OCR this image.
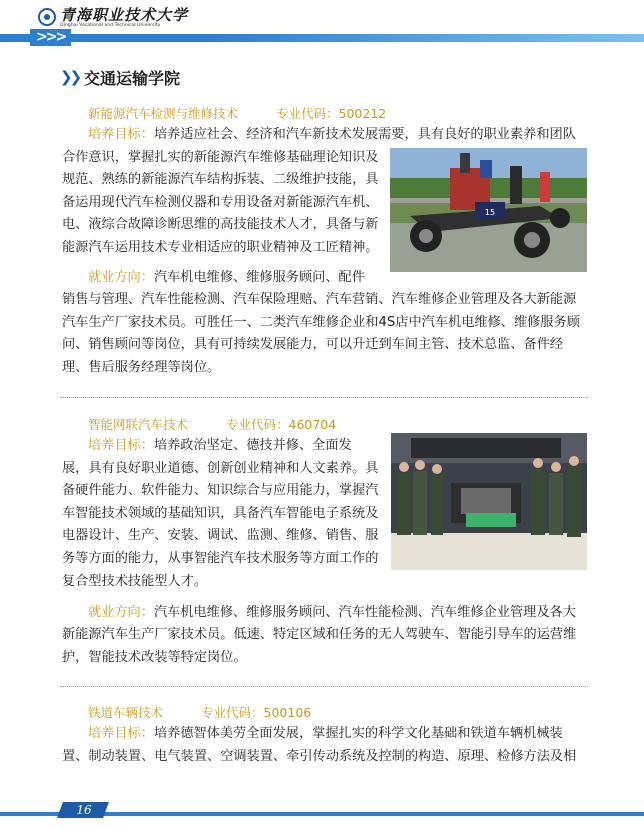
>>>
青海职业技术大学
Qinghai Vocational and Technical University
❯❯ 交通运输学院
新能源汽车检测与维修技术	专业代码：500212
培养目标：培养适应社会、经济和汽车新技术发展需要，具有良好的职业素养和团队
合作意识，掌握扎实的新能源汽车维修基础理论知识及
规范、熟练的新能源汽车结构拆装、二级维护技能，具
备运用现代汽车检测仪器和专用设备对新能源汽车机、
电、液综合故障诊断思维的高技能技术人才，具备与新
能源汽车运用技术专业相适应的职业精神及工匠精神。
15
就业方向：汽车机电维修、维修服务顾问、配件
销售与管理、汽车性能检测、汽车保险理赔、汽车营销、汽车维修企业管理及各大新能源
汽车生产厂家技术员。可胜任一、二类汽车维修企业和4S店中汽车机电维修、维修服务顾
问、销售顾问等岗位，具有可持续发展能力，可以升迁到车间主管、技术总监、备件经
理、售后服务经理等岗位。
智能网联汽车技术	专业代码：460704
培养目标：培养政治坚定、德技并修、全面发
展，具有良好职业道德、创新创业精神和人文素养。具
备硬件能力、软件能力、知识综合与应用能力，掌握汽
车智能技术领域的基础知识，具备汽车智能电子系统及
电器设计、生产、安装、调试、监测、维修、销售、服
务等方面的能力，从事智能汽车技术服务等方面工作的
复合型技术技能型人才。
就业方向：汽车机电维修、维修服务顾问、汽车性能检测、汽车维修企业管理及各大
新能源汽车生产厂家技术员。低速、特定区域和任务的无人驾驶车、智能引导车的运营维
护，智能技术改装等特定岗位。
铁道车辆技术	专业代码：500106
培养目标：培养德智体美劳全面发展，掌握扎实的科学文化基础和铁道车辆机械装
置、制动装置、电气装置、空调装置、牵引传动系统及控制的构造、原理、检修方法及相
16
